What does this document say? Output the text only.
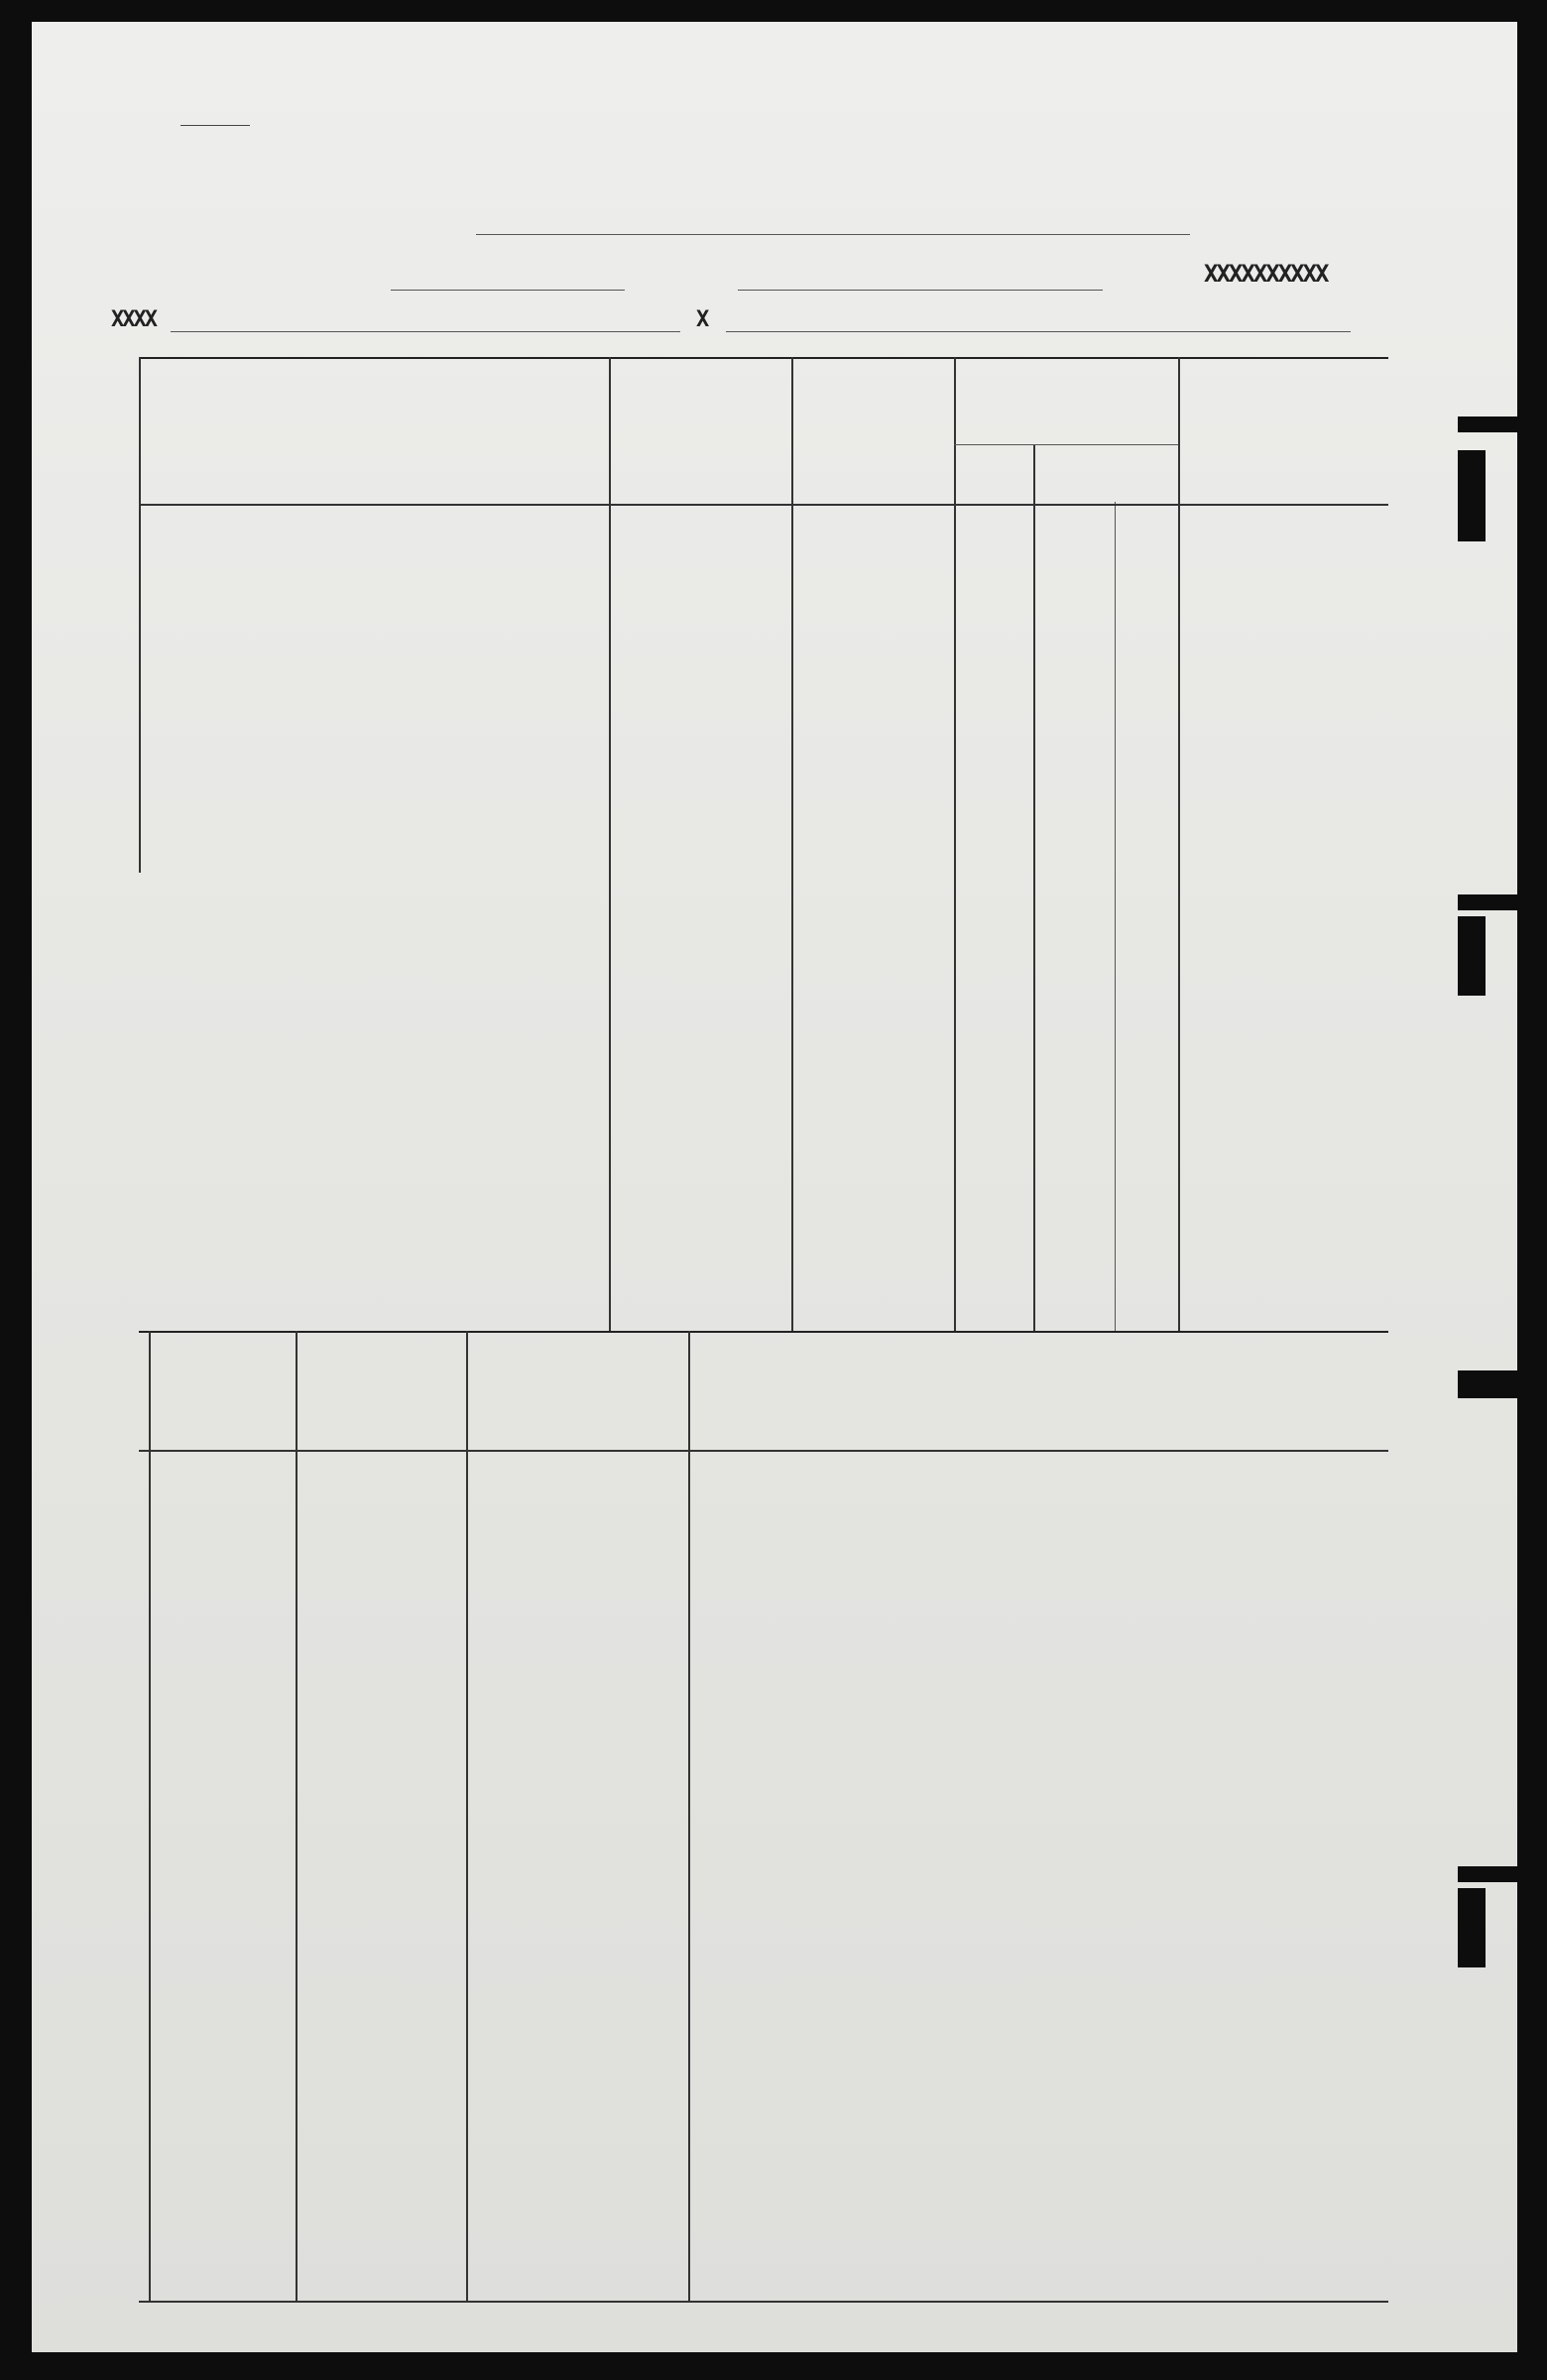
XXXXXXXXXX
XXXX	X
